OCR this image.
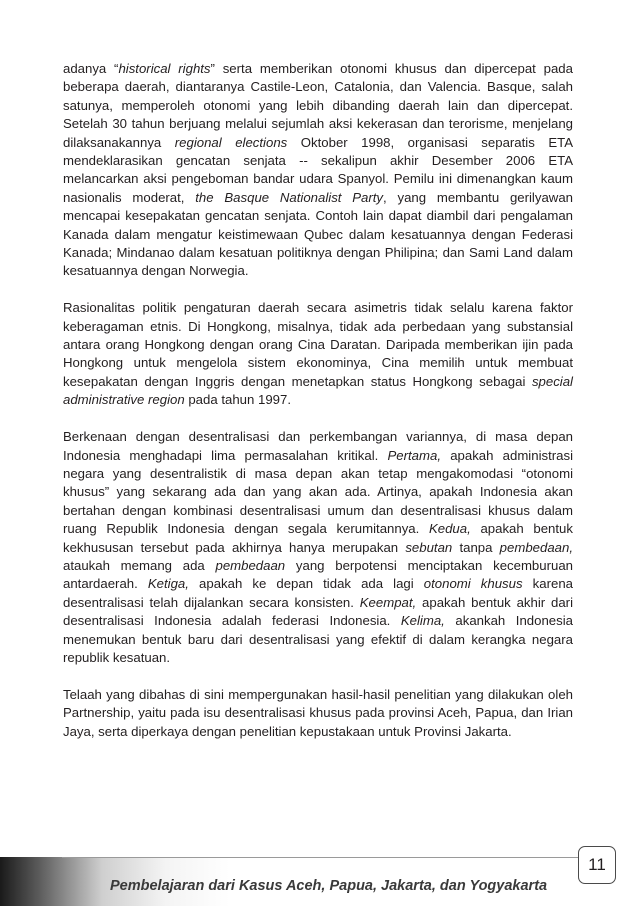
adanya “historical rights” serta memberikan otonomi khusus dan dipercepat pada beberapa daerah, diantaranya Castile-Leon, Catalonia, dan Valencia. Basque, salah satunya, memperoleh otonomi yang lebih dibanding daerah lain dan dipercepat. Setelah 30 tahun berjuang melalui sejumlah aksi kekerasan dan terorisme, menjelang dilaksanakannya regional elections Oktober 1998, organisasi separatis ETA mendeklarasikan gencatan senjata -- sekalipun akhir Desember 2006 ETA melancarkan aksi pengeboman bandar udara Spanyol. Pemilu ini dimenangkan kaum nasionalis moderat, the Basque Nationalist Party, yang membantu gerilyawan mencapai kesepakatan gencatan senjata. Contoh lain dapat diambil dari pengalaman Kanada dalam mengatur keistimewaan Qubec dalam kesatuannya dengan Federasi Kanada; Mindanao dalam kesatuan politiknya dengan Philipina; dan Sami Land dalam kesatuannya dengan Norwegia.

Rasionalitas politik pengaturan daerah secara asimetris tidak selalu karena faktor keberagaman etnis. Di Hongkong, misalnya, tidak ada perbedaan yang substansial antara orang Hongkong dengan orang Cina Daratan. Daripada memberikan ijin pada Hongkong untuk mengelola sistem ekonominya, Cina memilih untuk membuat kesepakatan dengan Inggris dengan menetapkan status Hongkong sebagai special administrative region pada tahun 1997.

Berkenaan dengan desentralisasi dan perkembangan variannya, di masa depan Indonesia menghadapi lima permasalahan kritikal. Pertama, apakah administrasi negara yang desentralistik di masa depan akan tetap mengakomodasi “otonomi khusus” yang sekarang ada dan yang akan ada. Artinya, apakah Indonesia akan bertahan dengan kombinasi desentralisasi umum dan desentralisasi khusus dalam ruang Republik Indonesia dengan segala kerumitannya. Kedua, apakah bentuk kekhususan tersebut pada akhirnya hanya merupakan sebutan tanpa pembedaan, ataukah memang ada pembedaan yang berpotensi menciptakan kecemburuan antardaerah. Ketiga, apakah ke depan tidak ada lagi otonomi khusus karena desentralisasi telah dijalankan secara konsisten. Keempat, apakah bentuk akhir dari desentralisasi Indonesia adalah federasi Indonesia. Kelima, akankah Indonesia menemukan bentuk baru dari desentralisasi yang efektif di dalam kerangka negara republik kesatuan.

Telaah yang dibahas di sini mempergunakan hasil-hasil penelitian yang dilakukan oleh Partnership, yaitu pada isu desentralisasi khusus pada provinsi Aceh, Papua, dan Irian Jaya, serta diperkaya dengan penelitian kepustakaan untuk Provinsi Jakarta.

Pembelajaran dari Kasus Aceh, Papua, Jakarta, dan Yogyakarta
11
